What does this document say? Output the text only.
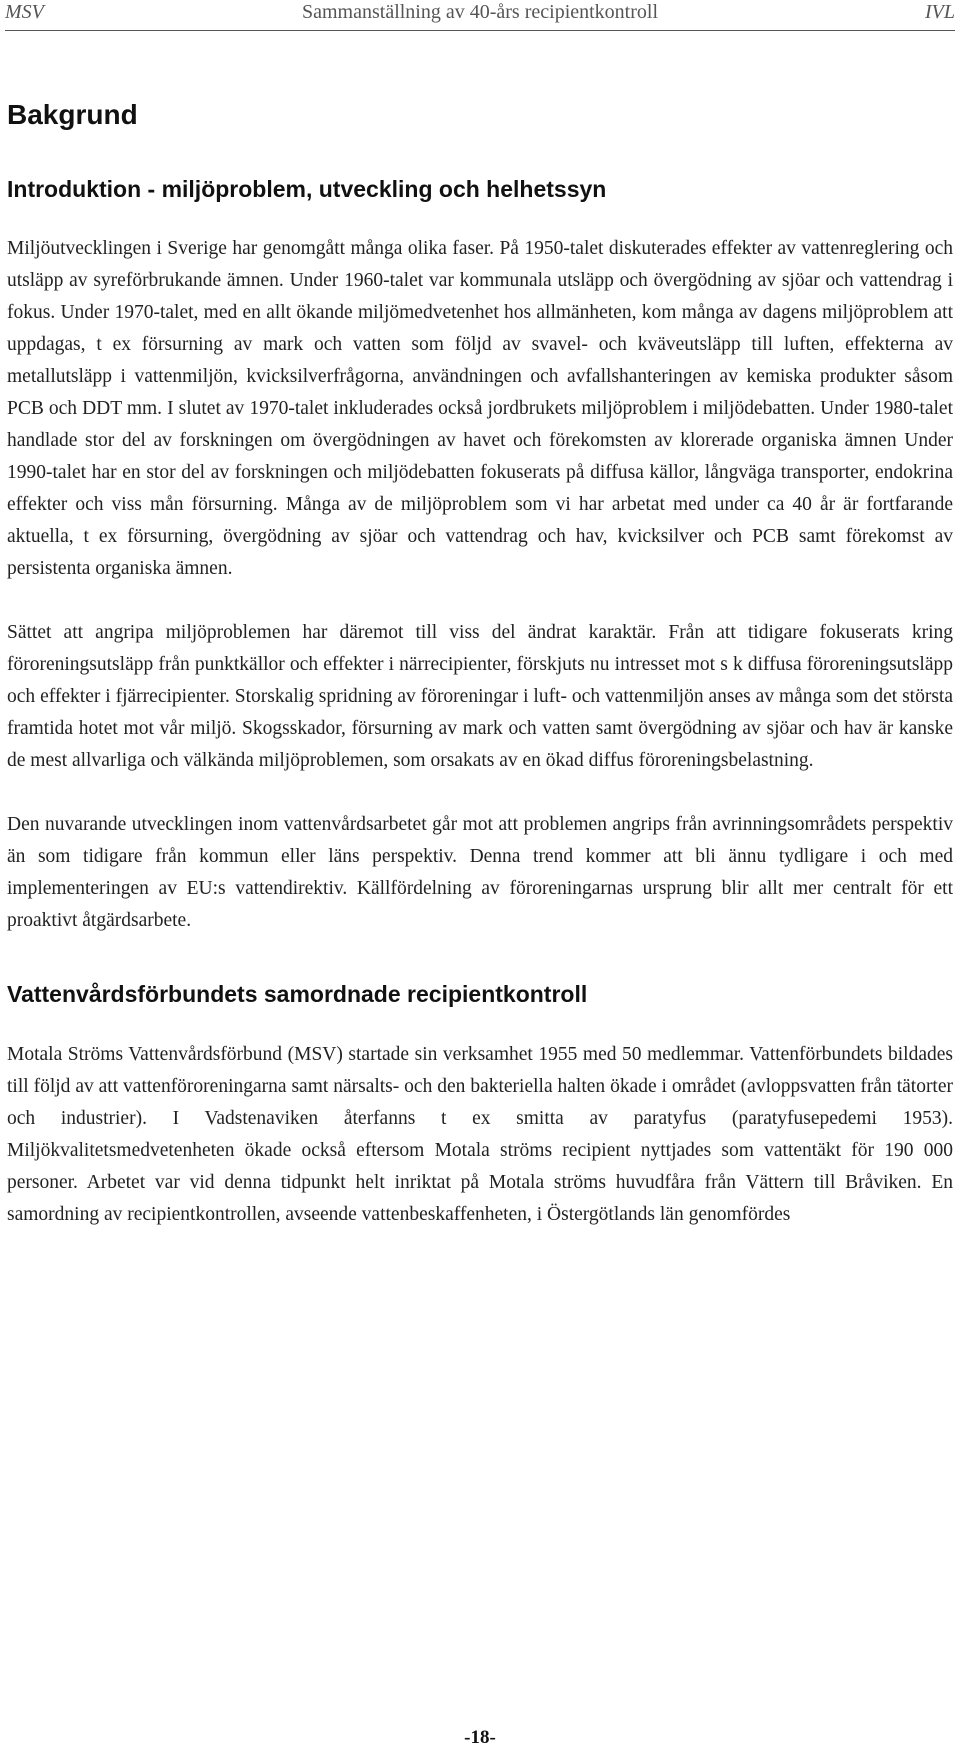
MSV	Sammanställning av 40-års recipientkontroll	IVL
Bakgrund
Introduktion - miljöproblem, utveckling och helhetssyn

Miljöutvecklingen i Sverige har genomgått många olika faser. På 1950-talet diskuterades effekter av vattenreglering och utsläpp av syreförbrukande ämnen. Under 1960-talet var kommunala utsläpp och övergödning av sjöar och vattendrag i fokus. Under 1970-talet, med en allt ökande miljömedvetenhet hos allmänheten, kom många av dagens miljöproblem att uppdagas, t ex försurning av mark och vatten som följd av svavel- och kväveutsläpp till luften, effekterna av metallutsläpp i vattenmiljön, kvicksilverfrågorna, användningen och avfallshanteringen av kemiska produkter såsom PCB och DDT mm. I slutet av 1970-talet inkluderades också jordbrukets miljöproblem i miljödebatten. Under 1980-talet handlade stor del av forskningen om övergödningen av havet och förekomsten av klorerade organiska ämnen Under 1990-talet har en stor del av forskningen och miljödebatten fokuserats på diffusa källor, långväga transporter, endokrina effekter och viss mån försurning. Många av de miljöproblem som vi har arbetat med under ca 40 år är fortfarande aktuella, t ex försurning, övergödning av sjöar och vattendrag och hav, kvicksilver och PCB samt förekomst av persistenta organiska ämnen.

Sättet att angripa miljöproblemen har däremot till viss del ändrat karaktär. Från att tidigare fokuserats kring föroreningsutsläpp från punktkällor och effekter i närrecipienter, förskjuts nu intresset mot s k diffusa föroreningsutsläpp och effekter i fjärrecipienter. Storskalig spridning av föroreningar i luft- och vattenmiljön anses av många som det största framtida hotet mot vår miljö. Skogsskador, försurning av mark och vatten samt övergödning av sjöar och hav är kanske de mest allvarliga och välkända miljöproblemen, som orsakats av en ökad diffus föroreningsbelastning.

Den nuvarande utvecklingen inom vattenvårdsarbetet går mot att problemen angrips från avrinningsområdets perspektiv än som tidigare från kommun eller läns perspektiv. Denna trend kommer att bli ännu tydligare i och med implementeringen av EU:s vattendirektiv. Källfördelning av föroreningarnas ursprung blir allt mer centralt för ett proaktivt åtgärdsarbete.

Vattenvårdsförbundets samordnade recipientkontroll

Motala Ströms Vattenvårdsförbund (MSV) startade sin verksamhet 1955 med 50 medlemmar. Vattenförbundets bildades till följd av att vattenföroreningarna samt närsalts- och den bakteriella halten ökade i området (avloppsvatten från tätorter och industrier). I Vadstenaviken återfanns t ex smitta av paratyfus (paratyfusepedemi 1953). Miljökvalitetsmedvetenheten ökade också eftersom Motala ströms recipient nyttjades som vattentäkt för 190 000 personer. Arbetet var vid denna tidpunkt helt inriktat på Motala ströms huvudfåra från Vättern till Bråviken. En samordning av recipientkontrollen, avseende vattenbeskaffenheten, i Östergötlands län genomfördes

-18-
